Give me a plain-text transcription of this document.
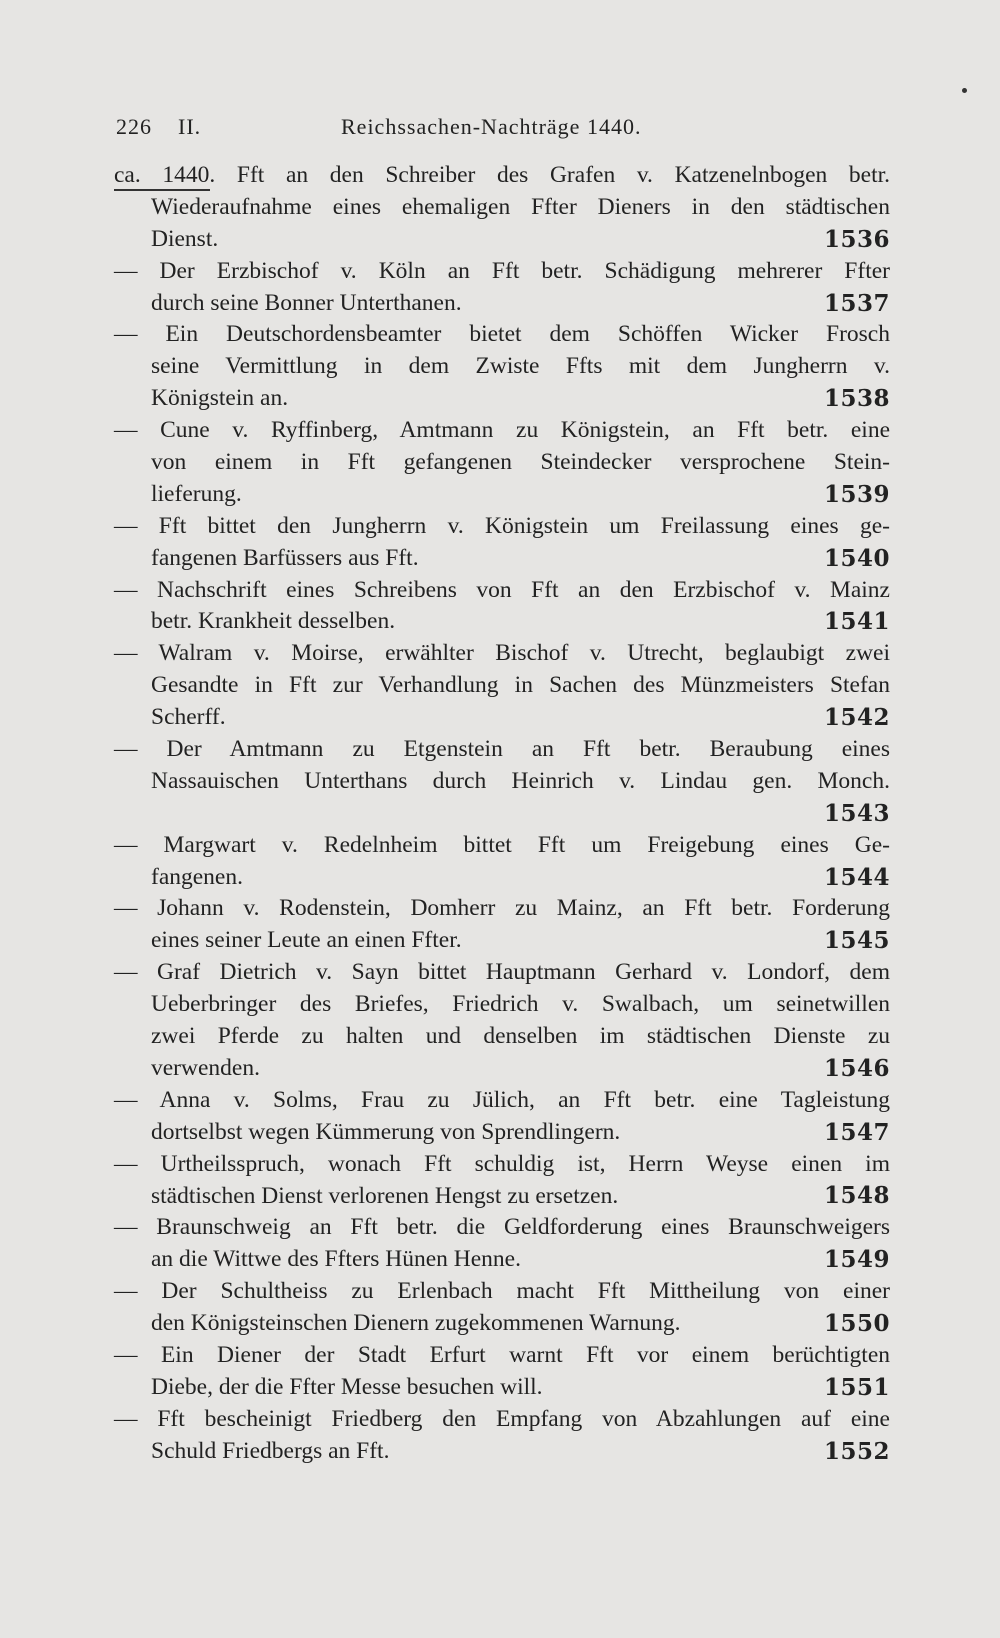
226 II.	Reichssachen-Nachträge 1440.
ca. 1440. Fft an den Schreiber des Grafen v. Katzenelnbogen betr.
Wiederaufnahme eines ehemaligen Ffter Dieners in den städtischen
Dienst.	1536
— Der Erzbischof v. Köln an Fft betr. Schädigung mehrerer Ffter
durch seine Bonner Unterthanen.	1537
— Ein Deutschordensbeamter bietet dem Schöffen Wicker Frosch
seine Vermittlung in dem Zwiste Ffts mit dem Jungherrn v.
Königstein an.	1538
— Cune v. Ryffinberg, Amtmann zu Königstein, an Fft betr. eine
von einem in Fft gefangenen Steindecker versprochene Stein-
lieferung.	1539
— Fft bittet den Jungherrn v. Königstein um Freilassung eines ge-
fangenen Barfüssers aus Fft.	1540
— Nachschrift eines Schreibens von Fft an den Erzbischof v. Mainz
betr. Krankheit desselben.	1541
— Walram v. Moirse, erwählter Bischof v. Utrecht, beglaubigt zwei
Gesandte in Fft zur Verhandlung in Sachen des Münzmeisters Stefan
Scherff.	1542
— Der Amtmann zu Etgenstein an Fft betr. Beraubung eines
Nassauischen Unterthans durch Heinrich v. Lindau gen. Monch.
1543
— Margwart v. Redelnheim bittet Fft um Freigebung eines Ge-
fangenen.	1544
— Johann v. Rodenstein, Domherr zu Mainz, an Fft betr. Forderung
eines seiner Leute an einen Ffter.	1545
— Graf Dietrich v. Sayn bittet Hauptmann Gerhard v. Londorf, dem
Ueberbringer des Briefes, Friedrich v. Swalbach, um seinetwillen
zwei Pferde zu halten und denselben im städtischen Dienste zu
verwenden.	1546
— Anna v. Solms, Frau zu Jülich, an Fft betr. eine Tagleistung
dortselbst wegen Kümmerung von Sprendlingern.	1547
— Urtheilsspruch, wonach Fft schuldig ist, Herrn Weyse einen im
städtischen Dienst verlorenen Hengst zu ersetzen.	1548
— Braunschweig an Fft betr. die Geldforderung eines Braunschweigers
an die Wittwe des Ffters Hünen Henne.	1549
— Der Schultheiss zu Erlenbach macht Fft Mittheilung von einer
den Königsteinschen Dienern zugekommenen Warnung.	1550
— Ein Diener der Stadt Erfurt warnt Fft vor einem berüchtigten
Diebe, der die Ffter Messe besuchen will.	1551
— Fft bescheinigt Friedberg den Empfang von Abzahlungen auf eine
Schuld Friedbergs an Fft.	1552
